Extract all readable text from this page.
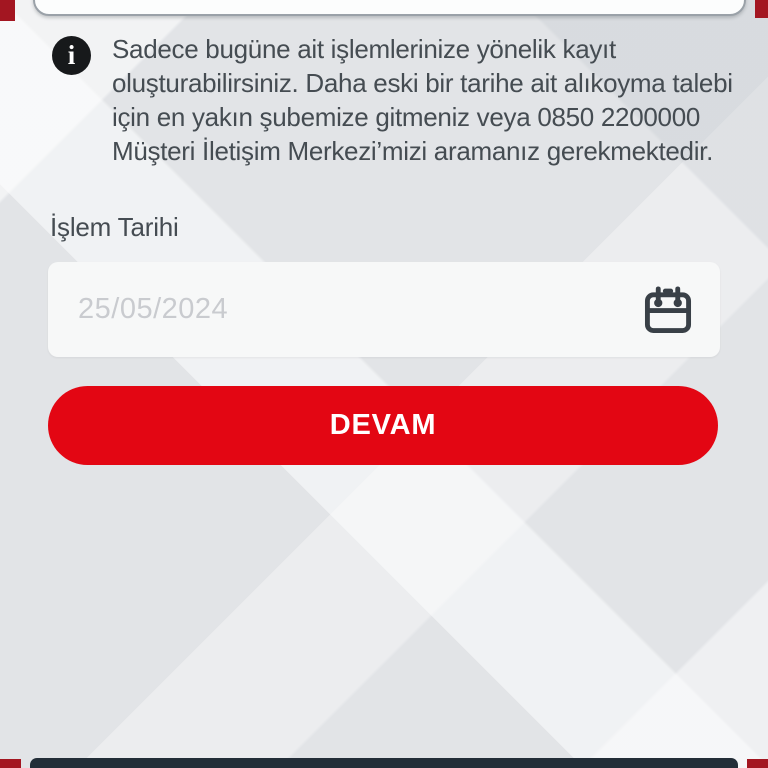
i Sadece bugüne ait işlemlerinize yönelik kayıt oluşturabilirsiniz. Daha eski bir tarihe ait alıkoyma talebi için en yakın şubemize gitmeniz veya 0850 2200000 Müşteri İletişim Merkezi’mizi aramanız gerekmektedir.

İşlem Tarihi
25/05/2024
DEVAM
